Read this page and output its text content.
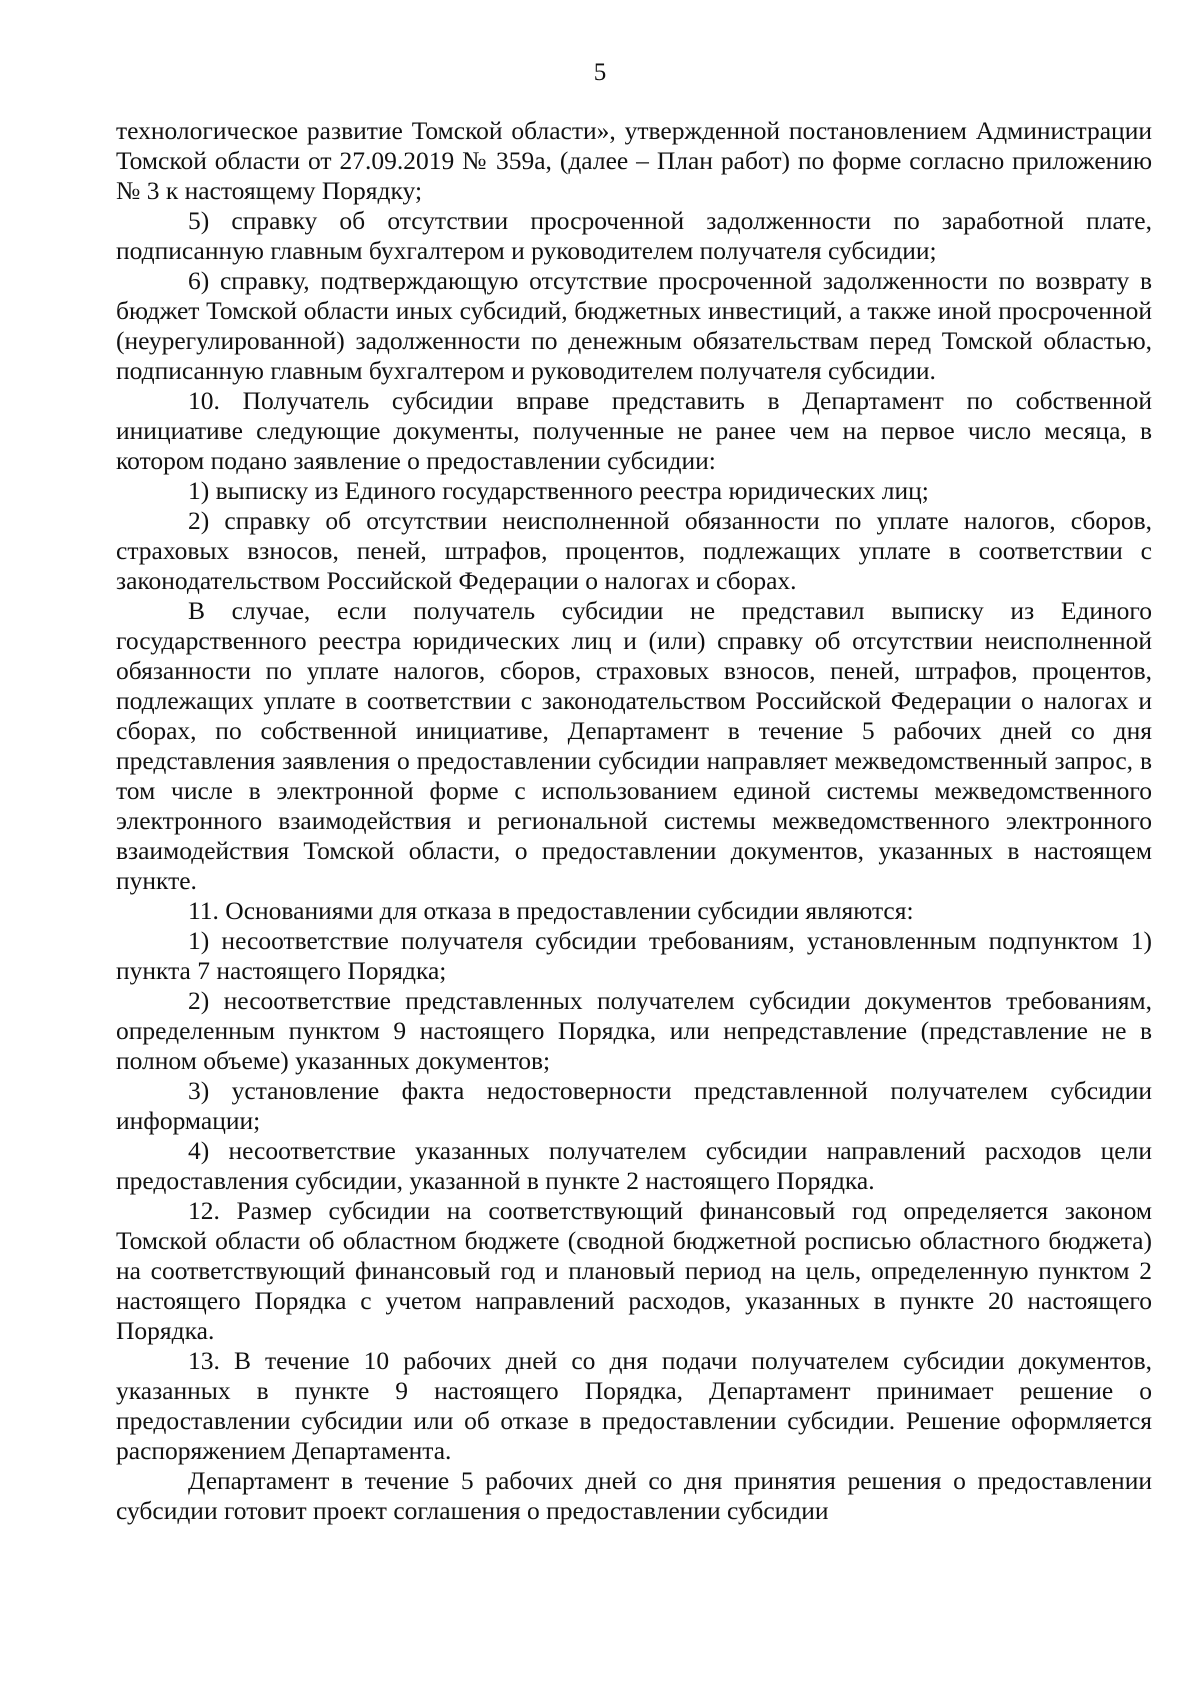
5

технологическое развитие Томской области», утвержденной постановлением Администрации Томской области от 27.09.2019 № 359а, (далее – План работ) по форме согласно приложению № 3 к настоящему Порядку;

5) справку об отсутствии просроченной задолженности по заработной плате, подписанную главным бухгалтером и руководителем получателя субсидии;

6) справку, подтверждающую отсутствие просроченной задолженности по возврату в бюджет Томской области иных субсидий, бюджетных инвестиций, а также иной просроченной (неурегулированной) задолженности по денежным обязательствам перед Томской областью, подписанную главным бухгалтером и руководителем получателя субсидии.

10. Получатель субсидии вправе представить в Департамент по собственной инициативе следующие документы, полученные не ранее чем на первое число месяца, в котором подано заявление о предоставлении субсидии:

1) выписку из Единого государственного реестра юридических лиц;

2) справку об отсутствии неисполненной обязанности по уплате налогов, сборов, страховых взносов, пеней, штрафов, процентов, подлежащих уплате в соответствии с законодательством Российской Федерации о налогах и сборах.

В случае, если получатель субсидии не представил выписку из Единого государственного реестра юридических лиц и (или) справку об отсутствии неисполненной обязанности по уплате налогов, сборов, страховых взносов, пеней, штрафов, процентов, подлежащих уплате в соответствии с законодательством Российской Федерации о налогах и сборах, по собственной инициативе, Департамент в течение 5 рабочих дней со дня представления заявления о предоставлении субсидии направляет межведомственный запрос, в том числе в электронной форме с использованием единой системы межведомственного электронного взаимодействия и региональной системы межведомственного электронного взаимодействия Томской области, о предоставлении документов, указанных в настоящем пункте.

11. Основаниями для отказа в предоставлении субсидии являются:

1) несоответствие получателя субсидии требованиям, установленным подпунктом 1) пункта 7 настоящего Порядка;

2) несоответствие представленных получателем субсидии документов требованиям, определенным пунктом 9 настоящего Порядка, или непредставление (представление не в полном объеме) указанных документов;

3) установление факта недостоверности представленной получателем субсидии информации;

4) несоответствие указанных получателем субсидии направлений расходов цели предоставления субсидии, указанной в пункте 2 настоящего Порядка.

12. Размер субсидии на соответствующий финансовый год определяется законом Томской области об областном бюджете (сводной бюджетной росписью областного бюджета) на соответствующий финансовый год и плановый период на цель, определенную пунктом 2 настоящего Порядка с учетом направлений расходов, указанных в пункте 20 настоящего Порядка.

13. В течение 10 рабочих дней со дня подачи получателем субсидии документов, указанных в пункте 9 настоящего Порядка, Департамент принимает решение о предоставлении субсидии или об отказе в предоставлении субсидии. Решение оформляется распоряжением Департамента.

Департамент в течение 5 рабочих дней со дня принятия решения о предоставлении субсидии готовит проект соглашения о предоставлении субсидии
